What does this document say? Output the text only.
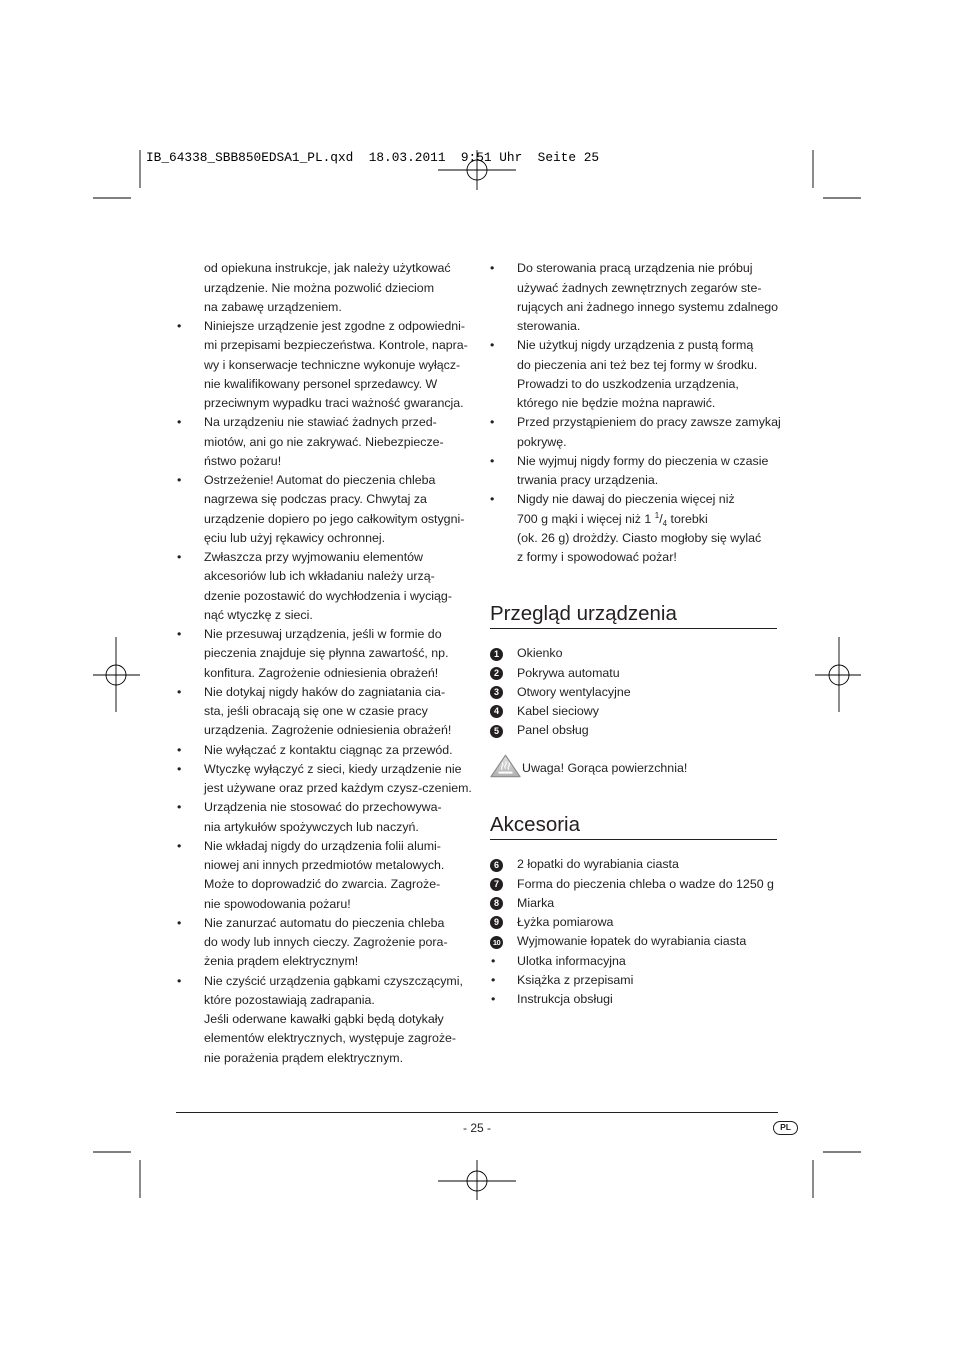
IB_64338_SBB850EDSA1_PL.qxd  18.03.2011  9:51 Uhr  Seite 25
od opiekuna instrukcje, jak należy użytkować
urządzenie. Nie można pozwolić dzieciom
na zabawę urządzeniem.
• Niniejsze urządzenie jest zgodne z odpowiedni-
mi przepisami bezpieczeństwa. Kontrole, napra-
wy i konserwacje techniczne wykonuje wyłącz-
nie kwalifikowany personel sprzedawcy. W
przeciwnym wypadku traci ważność gwarancja.
• Na urządzeniu nie stawiać żadnych przed-
miotów, ani go nie zakrywać. Niebezpiecze-
ństwo pożaru!
• Ostrzeżenie! Automat do pieczenia chleba
nagrzewa się podczas pracy. Chwytaj za
urządzenie dopiero po jego całkowitym ostygni-
ęciu lub użyj rękawicy ochronnej.
• Zwłaszcza przy wyjmowaniu elementów
akcesoriów lub ich wkładaniu należy urzą-
dzenie pozostawić do wychłodzenia i wyciąg-
nąć wtyczkę z sieci.
• Nie przesuwaj urządzenia, jeśli w formie do
pieczenia znajduje się płynna zawartość, np.
konfitura. Zagrożenie odniesienia obrażeń!
• Nie dotykaj nigdy haków do zagniatania cia-
sta, jeśli obracają się one w czasie pracy
urządzenia. Zagrożenie odniesienia obrażeń!
• Nie wyłączać z kontaktu ciągnąc za przewód.
• Wtyczkę wyłączyć z sieci, kiedy urządzenie nie
jest używane oraz przed każdym czysz-czeniem.
• Urządzenia nie stosować do przechowywa-
nia artykułów spożywczych lub naczyń.
• Nie wkładaj nigdy do urządzenia folii alumi-
niowej ani innych przedmiotów metalowych.
Może to doprowadzić do zwarcia. Zagroże-
nie spowodowania pożaru!
• Nie zanurzać automatu do pieczenia chleba
do wody lub innych cieczy. Zagrożenie pora-
żenia prądem elektrycznym!
• Nie czyścić urządzenia gąbkami czyszczącymi,
które pozostawiają zadrapania.
Jeśli oderwane kawałki gąbki będą dotykały
elementów elektrycznych, występuje zagroże-
nie porażenia prądem elektrycznym.
• Do sterowania pracą urządzenia nie próbuj
używać żadnych zewnętrznych zegarów ste-
rujących ani żadnego innego systemu zdalnego
sterowania.
• Nie użytkuj nigdy urządzenia z pustą formą
do pieczenia ani też bez tej formy w środku.
Prowadzi to do uszkodzenia urządzenia,
którego nie będzie można naprawić.
• Przed przystąpieniem do pracy zawsze zamykaj
pokrywę.
• Nie wyjmuj nigdy formy do pieczenia w czasie
trwania pracy urządzenia.
• Nigdy nie dawaj do pieczenia więcej niż
700 g mąki i więcej niż 1 $^1/_4$ torebki
(ok. 26 g) drożdży. Ciasto mogłoby się wylać
z formy i spowodować pożar!
Przegląd urządzenia
1	Okienko
2	Pokrywa automatu
3	Otwory wentylacyjne
4	Kabel sieciowy
5	Panel obsług
Uwaga! Gorąca powierzchnia!
Akcesoria
6	2 łopatki do wyrabiania ciasta
7	Forma do pieczenia chleba o wadze do 1250 g
8	Miarka
9	Łyżka pomiarowa
10 Wyjmowanie łopatek do wyrabiania ciasta
• Ulotka informacyjna
• Książka z przepisami
• Instrukcja obsługi
- 25 -	PL
